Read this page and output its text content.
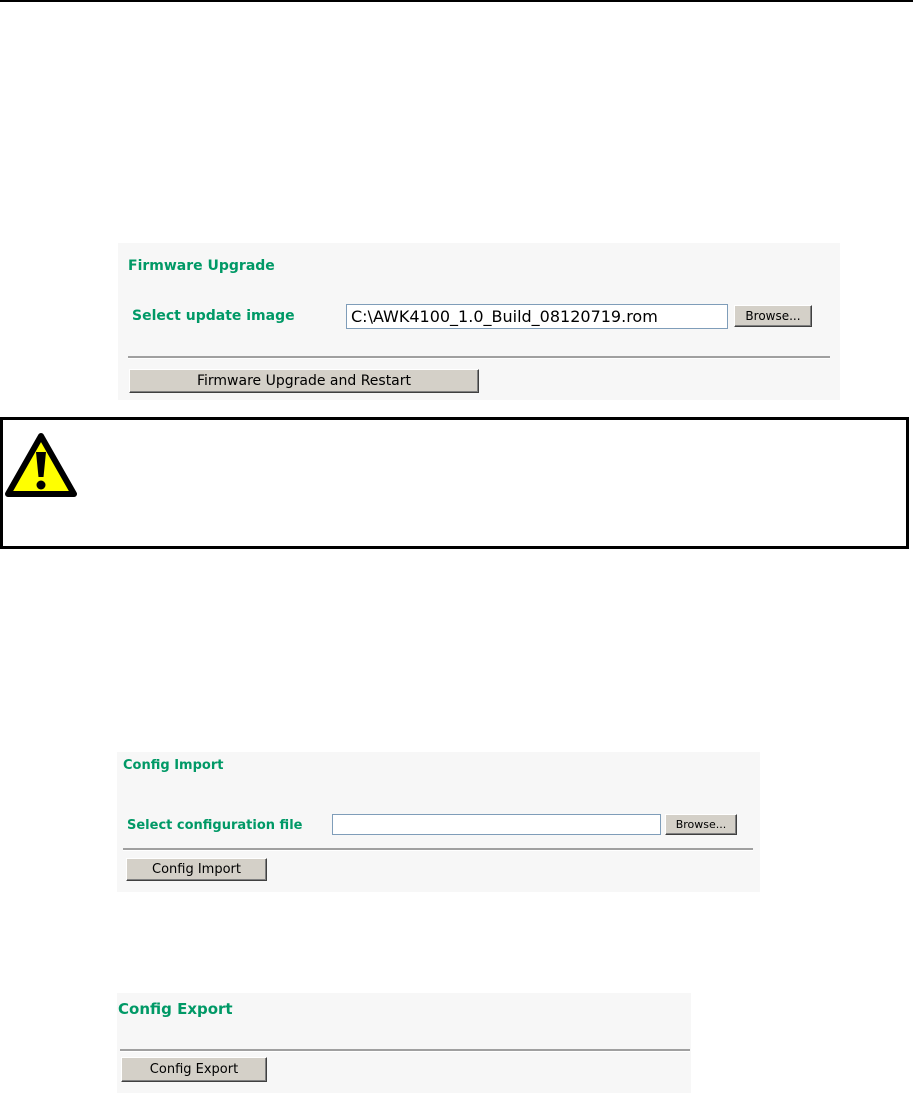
Firmware Upgrade
Select update image	C:\AWK4100_1.0_Build_08120719.rom	Browse...
Firmware Upgrade and Restart
Config Import
Select configuration file	Browse...
Config Import
Config Export
Config Export
